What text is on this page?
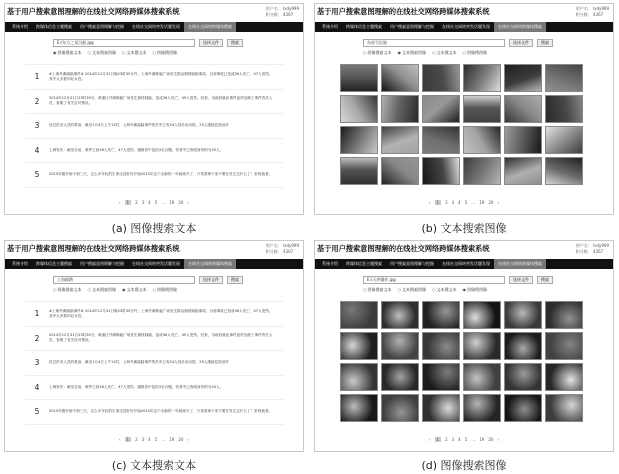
基于用户搜索意图理解的在线社交网络跨媒体搜索系统	用户名： lxdy999
积分数： 4367
系统介绍	跨媒体信息主题搜索	用户搜索意图理解与挖掘	在线社交网络突发话题发现	在线社交网络跨媒体搜索
E:/东方之星沉船.jpg	选择文件	搜索
◉ 图像搜索文本	○ 文本搜索图像	○ 文本搜文本	○ 图像搜图像
1	#上海外滩踩踏事件# 2014年12月31日晚23时35分许，上海外滩陈毅广场发生群众拥挤踩踏事故。目前事故已造成36人死亡、47人受伤。其中大多数年轻女性。
2	2014年12月31日23时35分，黄浦区外滩陈毅广场发生拥挤踩踏，造成36人死亡，49人受伤。经查，市政府就此事件追责处理了事件责任人员，查明了有关应对情况。
3	经过医务人员的救治，截至1月4日上午11时，上海外滩踩踏事件伤员中已有24人经诊治出院，25人继续住院治疗
4	上海发布：截至目前，事件已致36人死亡，47人受伤。遇难者中包括3名台胞。伤者中已查明身份的为33人。
5	2015年刚开始不到三天，这么多年轻的生命还没好好开始2015年这个全新的一年就离开了，只希望事下来不要在发生这什么了！祈祷逝者。
‹	1	2 3 4 5 … 19 20 ›
基于用户搜索意图理解的在线社交网络跨媒体搜索系统	用户名： lxdy999
积分数： 4367
系统介绍	跨媒体信息主题搜索	用户搜索意图理解与挖掘	在线社交网络突发话题发现	在线社交网络跨媒体搜索
东星号沉船	选择文件	搜索
○ 图像搜索文本	◉ 文本搜索图像	○ 文本搜文本	○ 图像搜图像
‹	1	2 3 4 5 … 19 20 ›
基于用户搜索意图理解的在线社交网络跨媒体搜索系统	用户名： lxdy999
积分数： 4367
系统介绍	跨媒体信息主题搜索	用户搜索意图理解与挖掘	在线社交网络突发话题发现	在线社交网络跨媒体搜索
上海踩踏	选择文件	搜索
○ 图像搜索文本	○ 文本搜索图像	◉ 文本搜文本	○ 图像搜图像
1	#上海外滩踩踏事件# 2014年12月31日晚23时35分许，上海外滩陈毅广场发生群众拥挤踩踏事故。目前事故已造成36人死亡、47人受伤。其中大多数年轻女性。
2	2014年12月31日23时35分，黄浦区外滩陈毅广场发生拥挤踩踏，造成36人死亡，49人受伤。经查，市政府就此事件追责处理了事件责任人员，查明了有关应对情况。
3	经过医务人员的救治，截至1月4日上午11时，上海外滩踩踏事件伤员中已有24人经诊治出院，25人继续住院治疗
4	上海发布：截至目前，事件已致36人死亡，47人受伤。遇难者中包括3名台胞。伤者中已查明身份的为33人。
5	2015年刚开始不到三天，这么多年轻的生命还没好好开始2015年这个全新的一年就离开了，只希望事下来不要在发生这什么了！祈祷逝者。
‹	1	2 3 4 5 … 19 20 ›
基于用户搜索意图理解的在线社交网络跨媒体搜索系统	用户名： lxdy999
积分数： 4367
系统介绍	跨媒体信息主题搜索	用户搜索意图理解与挖掘	在线社交网络突发话题发现	在线社交网络跨媒体搜索
E:/天津爆炸.jpg	选择文件	搜索
○ 图像搜索文本	○ 文本搜索图像	○ 文本搜文本	◉ 图像搜图像
‹	1	2 3 4 5 … 19 20 ›
(a) 图像搜索文本	(b) 文本搜索图像
(c) 文本搜索文本	(d) 图像搜索图像
